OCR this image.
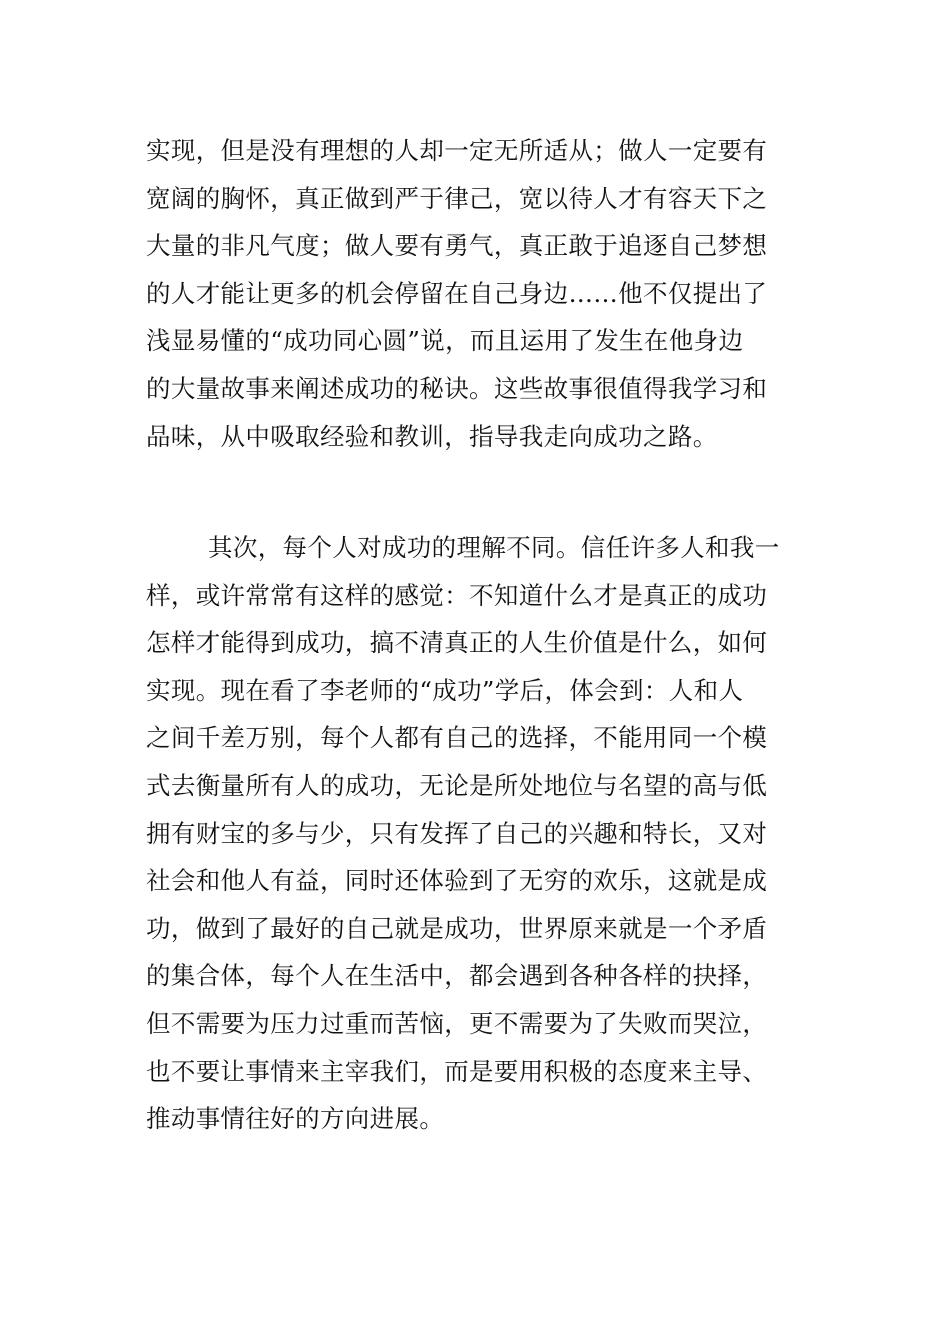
实现，但是没有理想的人却一定无所适从；做人一定要有
宽阔的胸怀，真正做到严于律己，宽以待人才有容天下之
大量的非凡气度；做人要有勇气，真正敢于追逐自己梦想
的人才能让更多的机会停留在自己身边……他不仅提出了
浅显易懂的“成功同心圆”说，而且运用了发生在他身边
的大量故事来阐述成功的秘诀。这些故事很值得我学习和
品味，从中吸取经验和教训，指导我走向成功之路。
其次，每个人对成功的理解不同。信任许多人和我一
样，或许常常有这样的感觉：不知道什么才是真正的成功
怎样才能得到成功，搞不清真正的人生价值是什么，如何
实现。现在看了李老师的“成功”学后，体会到：人和人
之间千差万别，每个人都有自己的选择，不能用同一个模
式去衡量所有人的成功，无论是所处地位与名望的高与低
拥有财宝的多与少，只有发挥了自己的兴趣和特长，又对
社会和他人有益，同时还体验到了无穷的欢乐，这就是成
功，做到了最好的自己就是成功，世界原来就是一个矛盾
的集合体，每个人在生活中，都会遇到各种各样的抉择，
但不需要为压力过重而苦恼，更不需要为了失败而哭泣，
也不要让事情来主宰我们，而是要用积极的态度来主导、
推动事情往好的方向进展。
